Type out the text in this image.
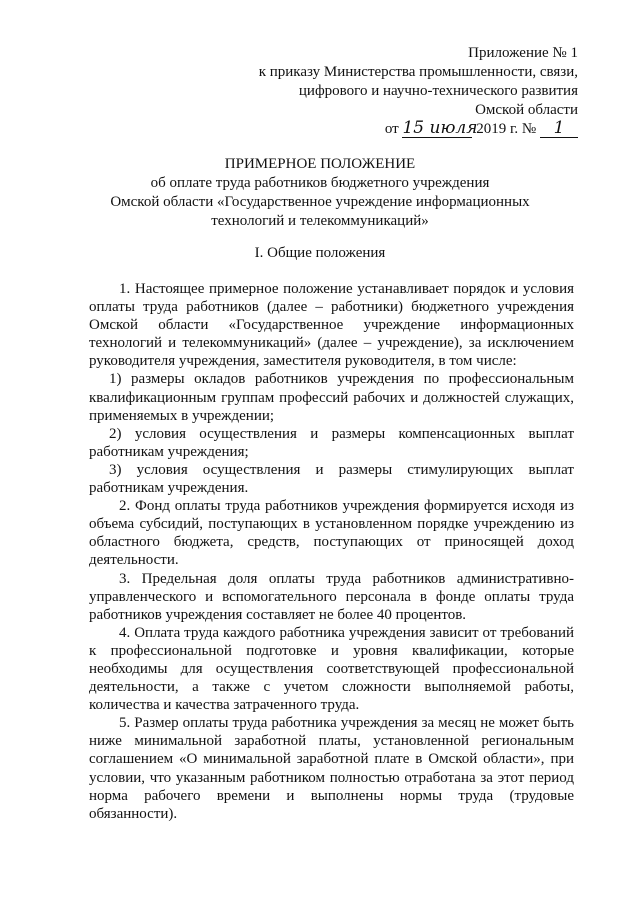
Приложение № 1
к приказу Министерства промышленности, связи,
цифрового и научно-технического развития
Омской области
от 15 июля 2019 г. № 1
ПРИМЕРНОЕ ПОЛОЖЕНИЕ
об оплате труда работников бюджетного учреждения
Омской области «Государственное учреждение информационных
технологий и телекоммуникаций»
I. Общие положения

1. Настоящее примерное положение устанавливает порядок и условия оплаты труда работников (далее – работники) бюджетного учреждения Омской области «Государственное учреждение информационных технологий и телекоммуникаций» (далее – учреждение), за исключением руководителя учреждения, заместителя руководителя, в том числе:

1) размеры окладов работников учреждения по профессиональным квалификационным группам профессий рабочих и должностей служащих, применяемых в учреждении;

2) условия осуществления и размеры компенсационных выплат работникам учреждения;

3) условия осуществления и размеры стимулирующих выплат работникам учреждения.

2. Фонд оплаты труда работников учреждения формируется исходя из объема субсидий, поступающих в установленном порядке учреждению из областного бюджета, средств, поступающих от приносящей доход деятельности.

3. Предельная доля оплаты труда работников административно-управленческого и вспомогательного персонала в фонде оплаты труда работников учреждения составляет не более 40 процентов.

4. Оплата труда каждого работника учреждения зависит от требований к профессиональной подготовке и уровня квалификации, которые необходимы для осуществления соответствующей профессиональной деятельности, а также с учетом сложности выполняемой работы, количества и качества затраченного труда.

5. Размер оплаты труда работника учреждения за месяц не может быть ниже минимальной заработной платы, установленной региональным соглашением «О минимальной заработной плате в Омской области», при условии, что указанным работником полностью отработана за этот период норма рабочего времени и выполнены нормы труда (трудовые обязанности).
